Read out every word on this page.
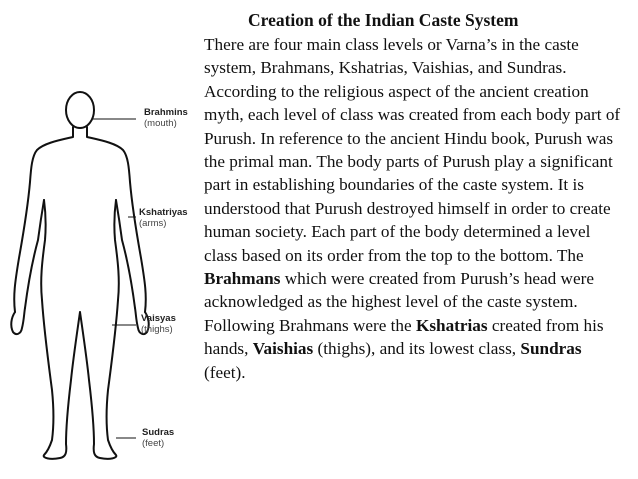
Brahmins
(mouth)
Kshatriyas
(arms)
Vaisyas
(thighs)
Sudras
(feet)
Creation of the Indian Caste System
There are four main class levels or Varna’s in the caste system, Brahmans, Kshatrias, Vaishias, and Sundras. According to the religious aspect of the ancient creation myth, each level of class was created from each body part of Purush. In reference to the ancient Hindu book, Purush was the primal man. The body parts of Purush play a significant part in establishing boundaries of the caste system. It is understood that Purush destroyed himself in order to create human society. Each part of the body determined a level class based on its order from the top to the bottom. The Brahmans which were created from Purush’s head were acknowledged as the highest level of the caste system. Following Brahmans were the Kshatrias created from his hands, Vaishias (thighs), and its lowest class, Sundras (feet).
